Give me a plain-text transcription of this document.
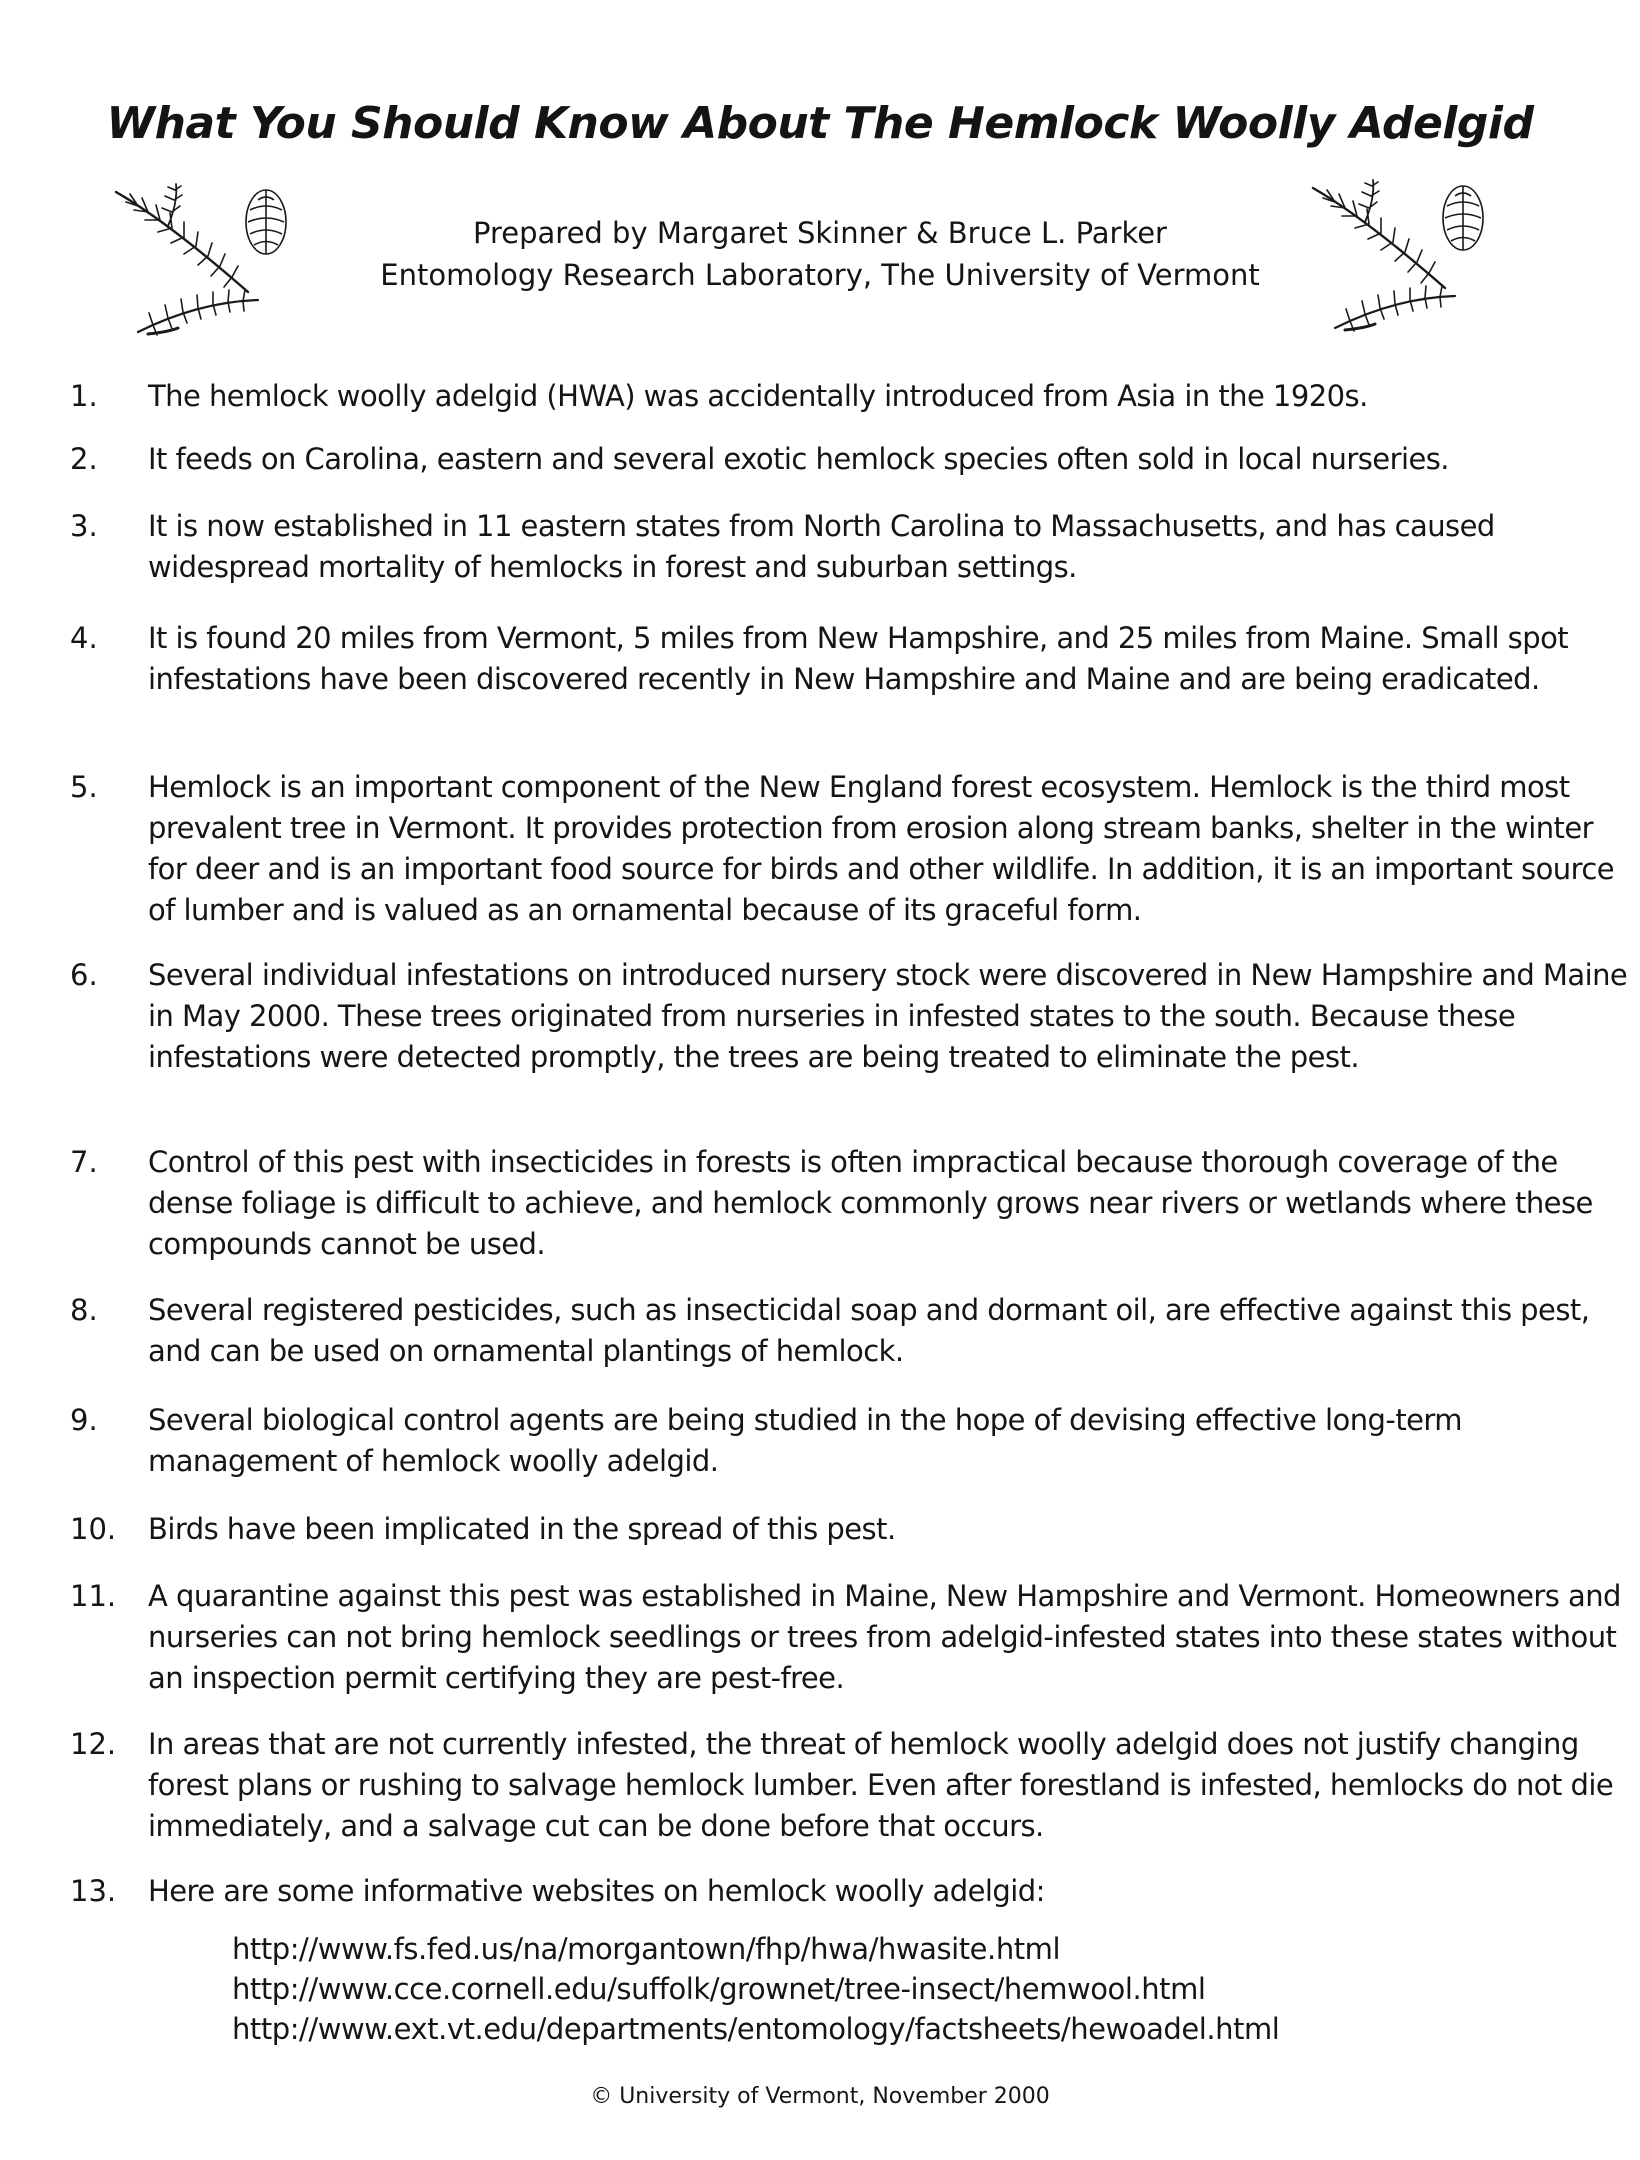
What You Should Know About The Hemlock Woolly Adelgid
Prepared by Margaret Skinner & Bruce L. Parker
Entomology Research Laboratory, The University of Vermont
1.	The hemlock woolly adelgid (HWA) was accidentally introduced from Asia in the 1920s.
2.	It feeds on Carolina, eastern and several exotic hemlock species often sold in local nurseries.
3.	It is now established in 11 eastern states from North Carolina to Massachusetts, and has caused widespread mortality of hemlocks in forest and suburban settings.
4.	It is found 20 miles from Vermont, 5 miles from New Hampshire, and 25 miles from Maine. Small spot infestations have been discovered recently in New Hampshire and Maine and are being eradicated.
5.	Hemlock is an important component of the New England forest ecosystem. Hemlock is the third most prevalent tree in Vermont. It provides protection from erosion along stream banks, shelter in the winter for deer and is an important food source for birds and other wildlife. In addition, it is an important source of lumber and is valued as an ornamental because of its graceful form.
6.	Several individual infestations on introduced nursery stock were discovered in New Hampshire and Maine in May 2000. These trees originated from nurseries in infested states to the south. Because these infestations were detected promptly, the trees are being treated to eliminate the pest.
7.	Control of this pest with insecticides in forests is often impractical because thorough coverage of the dense foliage is difficult to achieve, and hemlock commonly grows near rivers or wetlands where these compounds cannot be used.
8.	Several registered pesticides, such as insecticidal soap and dormant oil, are effective against this pest, and can be used on ornamental plantings of hemlock.
9.	Several biological control agents are being studied in the hope of devising effective long-term management of hemlock woolly adelgid.
10.	Birds have been implicated in the spread of this pest.
11.	A quarantine against this pest was established in Maine, New Hampshire and Vermont. Homeowners and nurseries can not bring hemlock seedlings or trees from adelgid-infested states into these states without an inspection permit certifying they are pest-free.
12.	In areas that are not currently infested, the threat of hemlock woolly adelgid does not justify changing forest plans or rushing to salvage hemlock lumber. Even after forestland is infested, hemlocks do not die immediately, and a salvage cut can be done before that occurs.
13.	Here are some informative websites on hemlock woolly adelgid:
http://www.fs.fed.us/na/morgantown/fhp/hwa/hwasite.html
http://www.cce.cornell.edu/suffolk/grownet/tree-insect/hemwool.html
http://www.ext.vt.edu/departments/entomology/factsheets/hewoadel.html
© University of Vermont, November 2000
